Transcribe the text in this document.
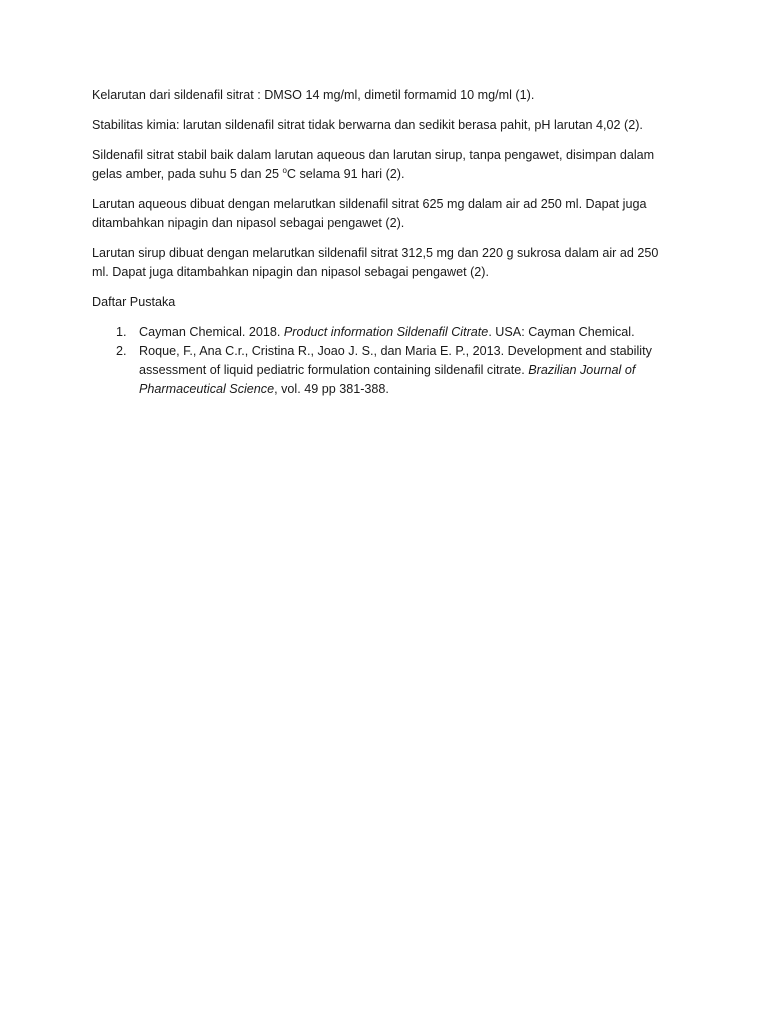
Kelarutan dari sildenafil sitrat : DMSO 14 mg/ml, dimetil formamid 10 mg/ml (1).

Stabilitas kimia: larutan sildenafil sitrat tidak berwarna dan sedikit berasa pahit, pH larutan 4,02 (2).

Sildenafil sitrat stabil baik dalam larutan aqueous dan larutan sirup, tanpa pengawet, disimpan dalam gelas amber, pada suhu 5 dan 25 $^o$C selama 91 hari (2).

Larutan aqueous dibuat dengan melarutkan sildenafil sitrat 625 mg dalam air ad 250 ml. Dapat juga ditambahkan nipagin dan nipasol sebagai pengawet (2).

Larutan sirup dibuat dengan melarutkan sildenafil sitrat 312,5 mg dan 220 g sukrosa dalam air ad 250 ml. Dapat juga ditambahkan nipagin dan nipasol sebagai pengawet (2).

Daftar Pustaka

1. Cayman Chemical. 2018. Product information Sildenafil Citrate. USA: Cayman Chemical.
2. Roque, F., Ana C.r., Cristina R., Joao J. S., dan Maria E. P., 2013. Development and stability assessment of liquid pediatric formulation containing sildenafil citrate. Brazilian Journal of Pharmaceutical Science, vol. 49 pp 381-388.
